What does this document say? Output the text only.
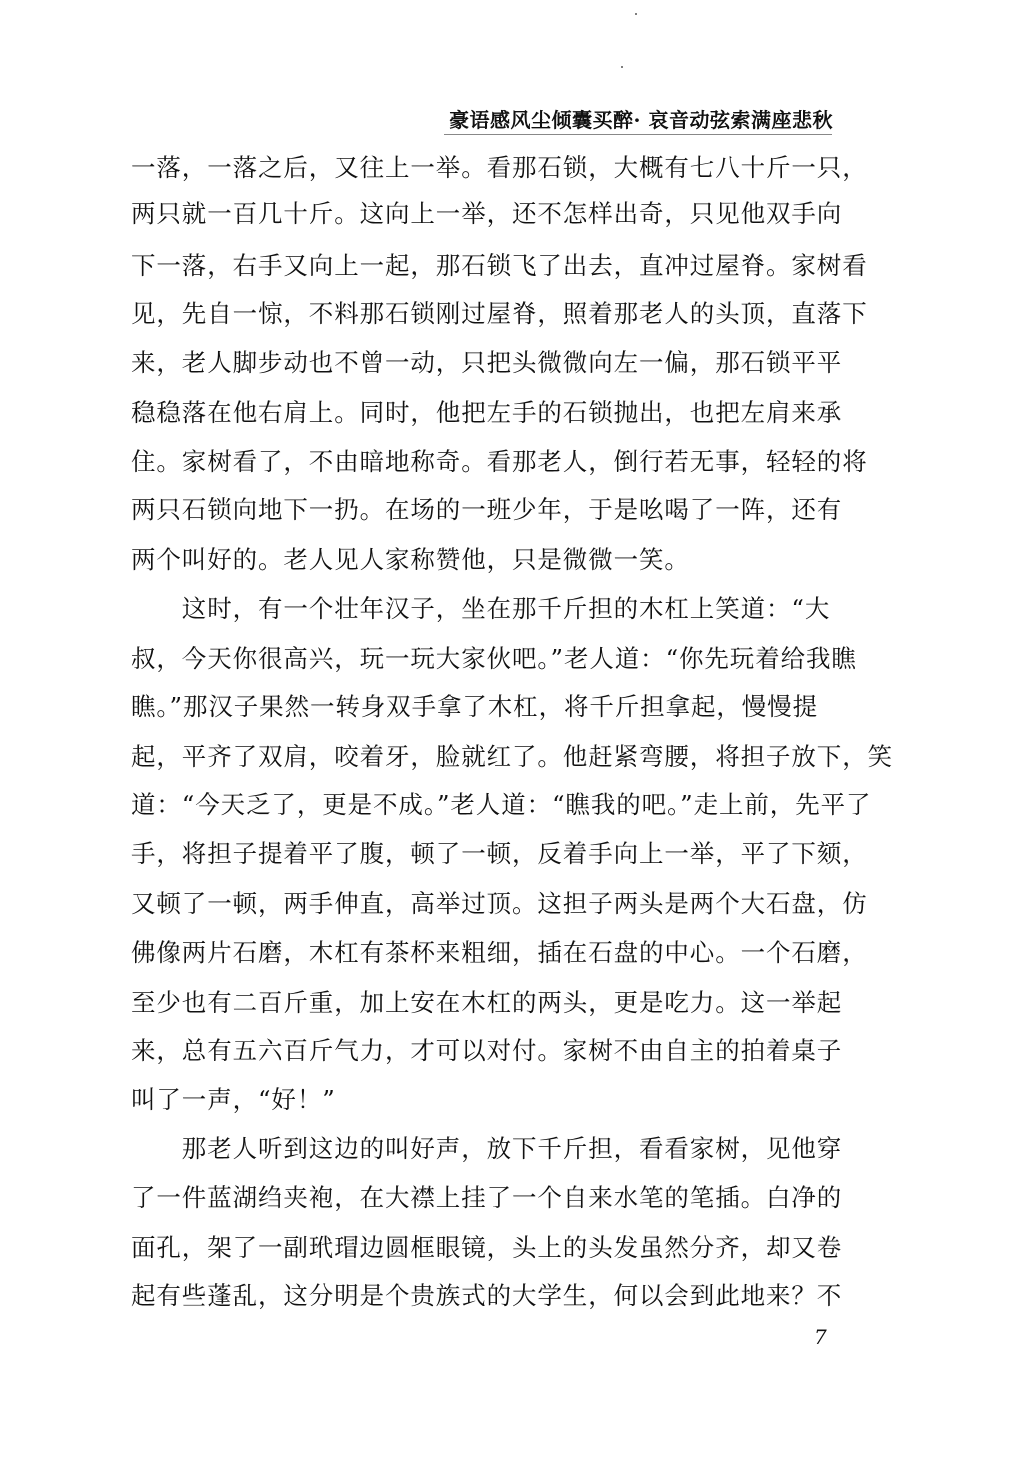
豪语感风尘倾囊买醉· 哀音动弦索满座悲秋
一落，一落之后，又往上一举。看那石锁，大概有七八十斤一只，
两只就一百几十斤。这向上一举，还不怎样出奇，只见他双手向
下一落，右手又向上一起，那石锁飞了出去，直冲过屋脊。家树看
见，先自一惊，不料那石锁刚过屋脊，照着那老人的头顶，直落下
来，老人脚步动也不曾一动，只把头微微向左一偏，那石锁平平
稳稳落在他右肩上。同时，他把左手的石锁抛出，也把左肩来承
住。家树看了，不由暗地称奇。看那老人，倒行若无事，轻轻的将
两只石锁向地下一扔。在场的一班少年，于是吆喝了一阵，还有
两个叫好的。老人见人家称赞他，只是微微一笑。
　　这时，有一个壮年汉子，坐在那千斤担的木杠上笑道：“大
叔，今天你很高兴，玩一玩大家伙吧。”老人道：“你先玩着给我瞧
瞧。”那汉子果然一转身双手拿了木杠，将千斤担拿起，慢慢提
起，平齐了双肩，咬着牙，脸就红了。他赶紧弯腰，将担子放下，笑
道：“今天乏了，更是不成。”老人道：“瞧我的吧。”走上前，先平了
手，将担子提着平了腹，顿了一顿，反着手向上一举，平了下颏，
又顿了一顿，两手伸直，高举过顶。这担子两头是两个大石盘，仿
佛像两片石磨，木杠有茶杯来粗细，插在石盘的中心。一个石磨，
至少也有二百斤重，加上安在木杠的两头，更是吃力。这一举起
来，总有五六百斤气力，才可以对付。家树不由自主的拍着桌子
叫了一声，“好！”
　　那老人听到这边的叫好声，放下千斤担，看看家树，见他穿
了一件蓝湖绉夹袍，在大襟上挂了一个自来水笔的笔插。白净的
面孔，架了一副玳瑁边圆框眼镜，头上的头发虽然分齐，却又卷
起有些蓬乱，这分明是个贵族式的大学生，何以会到此地来？不
7
